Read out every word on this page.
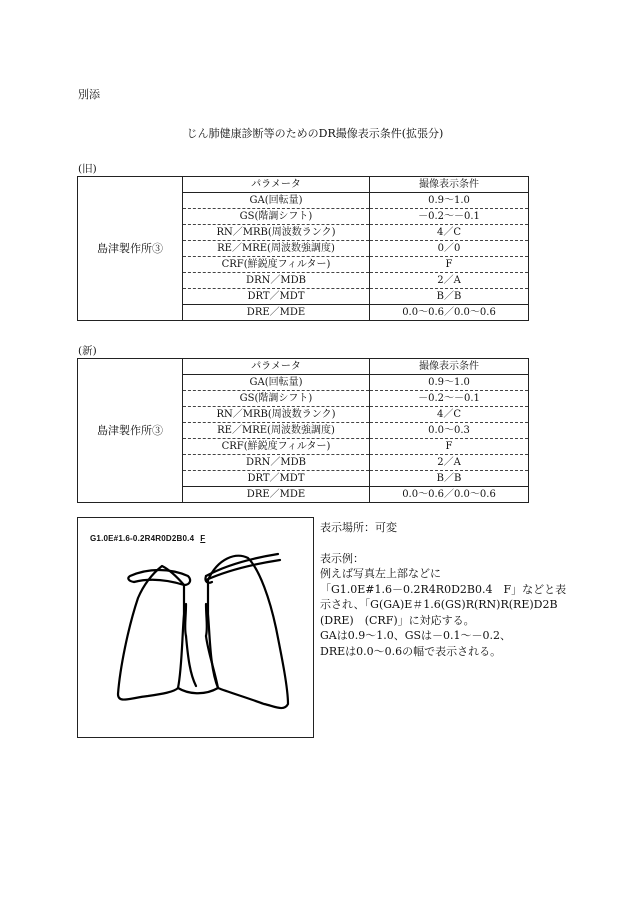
別添
じん肺健康診断等のためのDR撮像表示条件(拡張分)
(旧)
島津製作所③	パラメータ	撮像表示条件
	GA(回転量)	0.9〜1.0
	GS(階調シフト)	－0.2〜－0.1
	RN／MRB(周波数ランク)	4／C
	RE／MRE(周波数強調度)	0／0
	CRF(鮮鋭度フィルター)	F
	DRN／MDB	2／A
	DRT／MDT	B／B
	DRE／MDE	0.0〜0.6／0.0〜0.6
(新)
島津製作所③	パラメータ	撮像表示条件
	GA(回転量)	0.9〜1.0
	GS(階調シフト)	－0.2〜－0.1
	RN／MRB(周波数ランク)	4／C
	RE／MRE(周波数強調度)	0.0〜0.3
	CRF(鮮鋭度フィルター)	F
	DRN／MDB	2／A
	DRT／MDT	B／B
	DRE／MDE	0.0〜0.6／0.0〜0.6
G1.0E#1.6-0.2R4R0D2B0.4 F

表示場所：可変

表示例：

例えば写真左上部などに

「G1.0E#1.6－0.2R4R0D2B0.4　F」などと表

示され、「G(GA)E＃1.6(GS)R(RN)R(RE)D2B

(DRE)　(CRF)」に対応する。

GAは0.9〜1.0、GSは－0.1〜－0.2、

DREは0.0〜0.6の幅で表示される。
